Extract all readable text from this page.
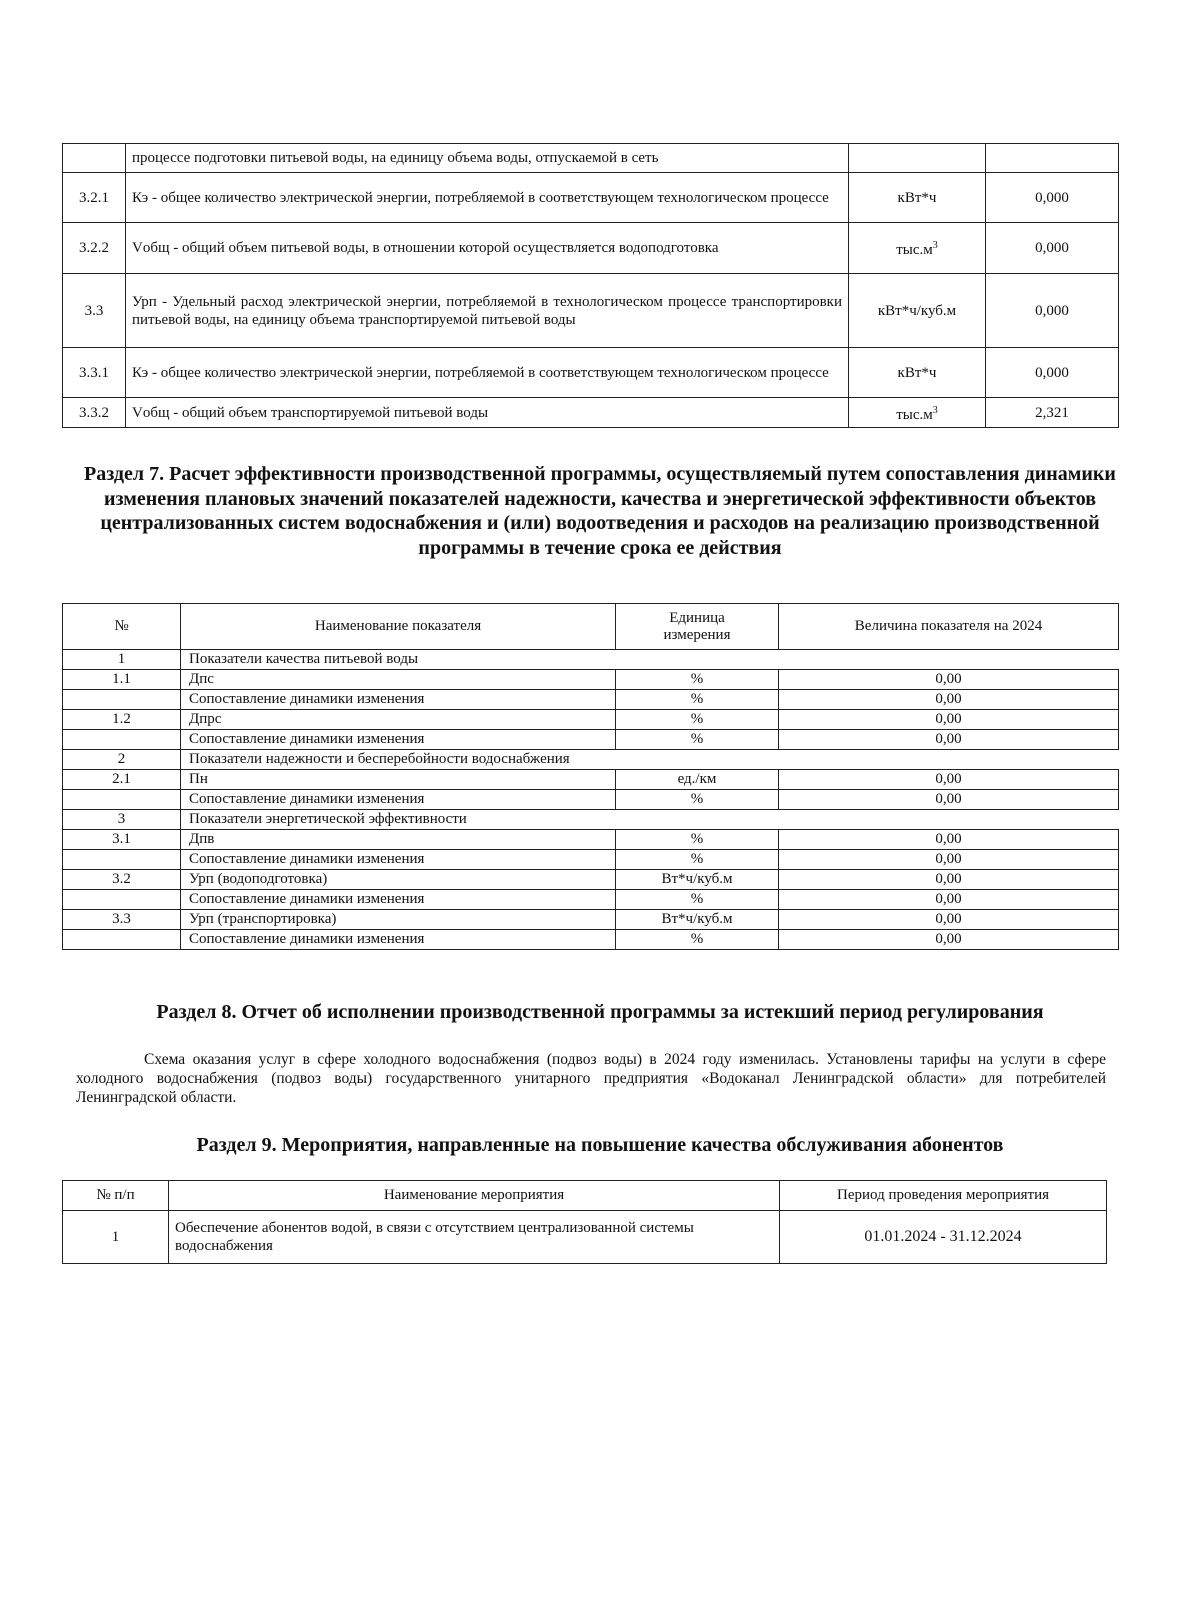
	процессе подготовки питьевой воды, на единицу объема воды, отпускаемой в сеть		
3.2.1	Кэ - общее количество электрической энергии, потребляемой в соответствующем технологическом процессе	кВт*ч	0,000
3.2.2	Vобщ - общий объем питьевой воды, в отношении которой осуществляется водоподготовка	$тыс.м^3$	0,000
3.3	Урп - Удельный расход электрической энергии, потребляемой в технологическом процессе транспортировки питьевой воды, на единицу объема транспортируемой питьевой воды	кВт*ч/куб.м	0,000
3.3.1	Кэ - общее количество электрической энергии, потребляемой в соответствующем технологическом процессе	кВт*ч	0,000
3.3.2	Vобщ - общий объем транспортируемой питьевой воды	$тыс.м^3$	2,321
Раздел 7. Расчет эффективности производственной программы, осуществляемый путем сопоставления динамики изменения плановых значений показателей надежности, качества и энергетической эффективности объектов централизованных систем водоснабжения и (или) водоотведения и расходов на реализацию производственной программы в течение срока ее действия
№	Наименование показателя	Единица измерения	Величина показателя на 2024
1	Показатели качества питьевой воды		
1.1	Дпс	%	0,00
	Сопоставление динамики изменения	%	0,00
1.2	Дпрс	%	0,00
	Сопоставление динамики изменения	%	0,00
2	Показатели надежности и бесперебойности водоснабжения		
2.1	Пн	ед./км	0,00
	Сопоставление динамики изменения	%	0,00
3	Показатели энергетической эффективности		
3.1	Дпв	%	0,00
	Сопоставление динамики изменения	%	0,00
3.2	Урп (водоподготовка)	Вт*ч/куб.м	0,00
	Сопоставление динамики изменения	%	0,00
3.3	Урп (транспортировка)	Вт*ч/куб.м	0,00
	Сопоставление динамики изменения	%	0,00
Раздел 8. Отчет об исполнении производственной программы за истекший период регулирования

Схема оказания услуг в сфере холодного водоснабжения (подвоз воды) в 2024 году изменилась. Установлены тарифы на услуги в сфере холодного водоснабжения (подвоз воды) государственного унитарного предприятия «Водоканал Ленинградской области» для потребителей Ленинградской области.

Раздел 9. Мероприятия, направленные на повышение качества обслуживания абонентов
№ п/п	Наименование мероприятия	Период проведения мероприятия
1	Обеспечение абонентов водой, в связи с отсутствием централизованной системы водоснабжения	01.01.2024 - 31.12.2024
